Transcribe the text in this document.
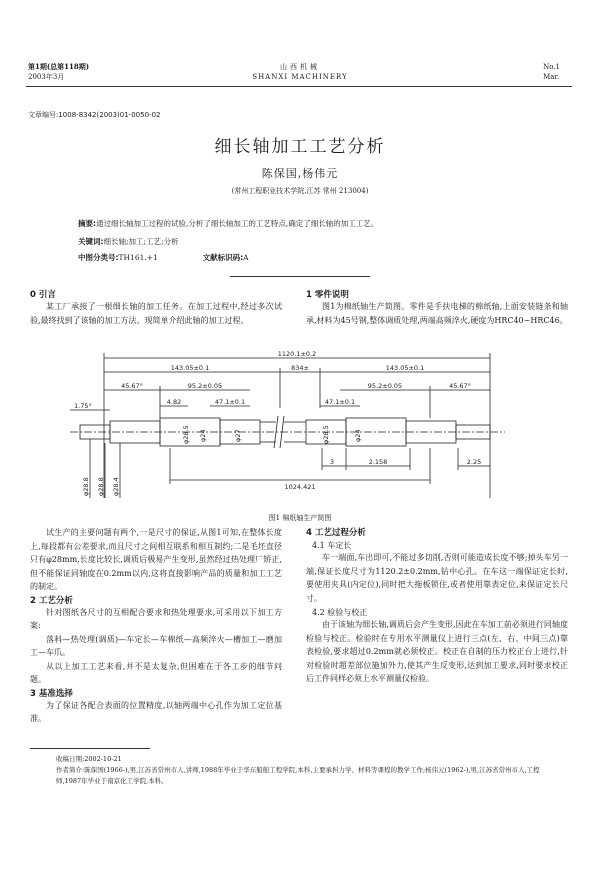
第1期(总第118期)
2003年3月
山西机械
SHANXI MACHINERY
No.1
Mar.
文章编号:1008-8342(2003)01-0050-02
细长轴加工工艺分析
陈保国,杨伟元
(常州工程职业技术学院,江苏 常州 213004)
摘要:通过细长轴加工过程的试验,分析了细长轴加工的工艺特点,确定了细长轴的加工工艺。
关键词:细长轴;加工;工艺;分析
中图分类号:TH161.+1	文献标识码:A
0 引言

某工厂承接了一根细长轴的加工任务。在加工过程中,经过多次试验,最终找到了该轴的加工方法。现简单介绍此轴的加工过程。

1 零件说明

图1为棉纸轴生产简图。零件是手扶电梯的棉纸轴,上面安装链条和轴承,材料为45号钢,整体调质处理,两端高频淬火,硬度为HRC40~HRC46。

1120.1±0.2
143.05±0.1	834±	143.05±0.1
45.67°	95.2±0.05	95.2±0.05	45.67°
4.82	47.1±0.1	47.1±0.1
1.75°
1024.421
3	2.158	2.25
φ28.8 φ28.8 φ28.4
φ28.5 φ24	φ27	φ28.5	φ24
图1 棉纸轴生产简图

试生产的主要问题有两个,一是尺寸的保证,从图1可知,在整体长度上,每段都有公差要求,而且尺寸之间相互联系和相互制约;二是毛坯直径只有φ28mm,长度比较长,调质后极易产生变形,虽然经过热处理厂矫正,但不能保证同轴度在0.2mm以内,这将直接影响产品的质量和加工工艺的制定。

2 工艺分析

针对图纸各尺寸的互相配合要求和热处理要求,可采用以下加工方案:

落料—热处理(调质)—车定长—车棉纸—高频淬火—槽加工—磨加工—车爪。

从以上加工工艺来看,并不是太复杂,但困难在于各工步的细节问题。

3 基准选择

为了保证各配合表面的位置精度,以轴两端中心孔作为加工定位基准。

4 工艺过程分析
4.1 车定长

车一端面,车出即可,不能过多切削,否则可能造成长度不够;掉头车另一端,保证长度尺寸为1120.2±0.2mm,钻中心孔。在车这一端保证定长时,要使用夹具(内定位),同时把大拖板锁住,或者使用靠表定位,来保证定长尺寸。

4.2 检验与校正

由于该轴为细长轴,调质后会产生变形,因此在车加工前必须进行同轴度检验与校正。检验时在专用水平测量仪上进行三点(左、右、中间三点)靠表检验,要求超过0.2mm就必须校正。校正在自制的压力校正台上进行,针对检验时超差部位施加外力,使其产生反变形,达到加工要求,同时要求校正后工件同样必须上水平测量仪检验。

收稿日期:2002-10-21
作者简介:陈保国(1966-),男,江苏省常州市人,讲师,1988年毕业于华东船舶工程学院,本科,主要承担力学、材料等课程的教学工作;杨伟元(1962-),男,江苏省常州市人,工程师,1987年毕业于南京化工学院,本科。
